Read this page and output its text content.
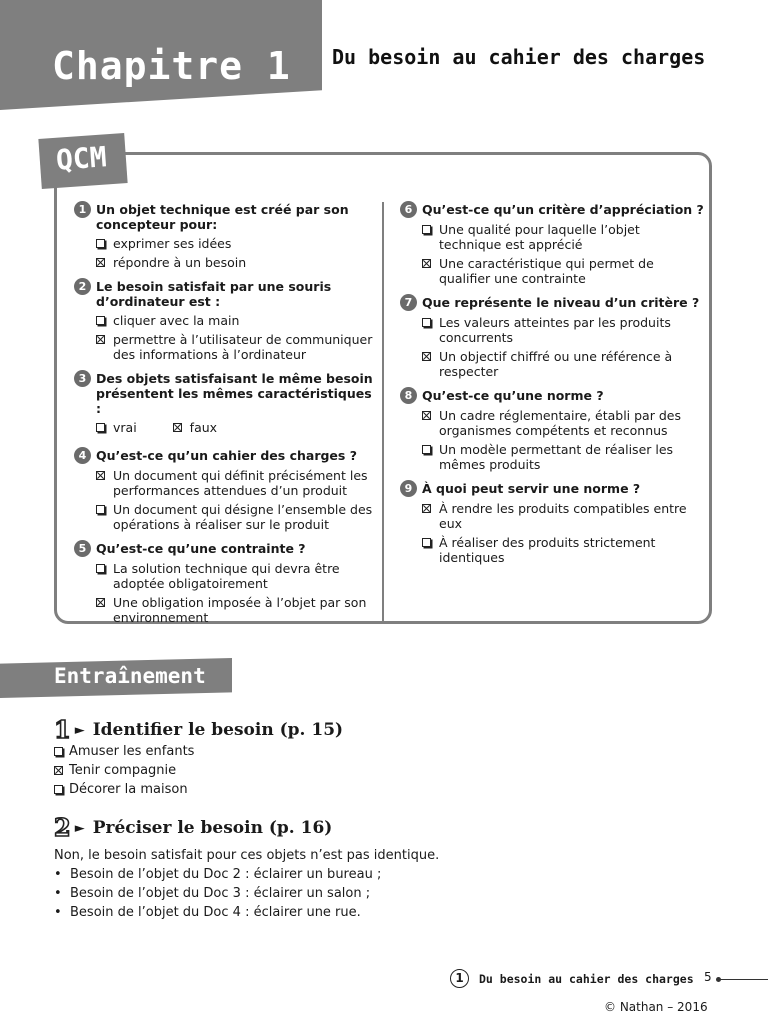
Chapitre 1 Du besoin au cahier des charges
QCM
1 Un objet technique est créé par son concepteur pour:
exprimer ses idées
répondre à un besoin
2 Le besoin satisfait par une souris d’ordinateur est :
cliquer avec la main
permettre à l’utilisateur de communiquer des informations à l’ordinateur
3 Des objets satisfaisant le même besoin présentent les mêmes caractéristiques :
vrai	faux
4 Qu’est-ce qu’un cahier des charges ?
Un document qui définit précisément les performances attendues d’un produit
Un document qui désigne l’ensemble des opérations à réaliser sur le produit
5 Qu’est-ce qu’une contrainte ?
La solution technique qui devra être adoptée obligatoirement
Une obligation imposée à l’objet par son environnement
6 Qu’est-ce qu’un critère d’appréciation ?
Une qualité pour laquelle l’objet technique est apprécié
Une caractéristique qui permet de qualifier une contrainte
7 Que représente le niveau d’un critère ?
Les valeurs atteintes par les produits concurrents
Un objectif chiffré ou une référence à respecter
8 Qu’est-ce qu’une norme ?
Un cadre réglementaire, établi par des organismes compétents et reconnus
Un modèle permettant de réaliser les mêmes produits
9 À quoi peut servir une norme ?
À rendre les produits compatibles entre eux
À réaliser des produits strictement identiques
Entraînement
1 ► Identifier le besoin (p. 15)
Amuser les enfants
Tenir compagnie
Décorer la maison
2 ► Préciser le besoin (p. 16)
Non, le besoin satisfait pour ces objets n’est pas identique.
• Besoin de l’objet du Doc 2 : éclairer un bureau ;
• Besoin de l’objet du Doc 3 : éclairer un salon ;
• Besoin de l’objet du Doc 4 : éclairer une rue.
1	Du besoin au cahier des charges 5
© Nathan – 2016
